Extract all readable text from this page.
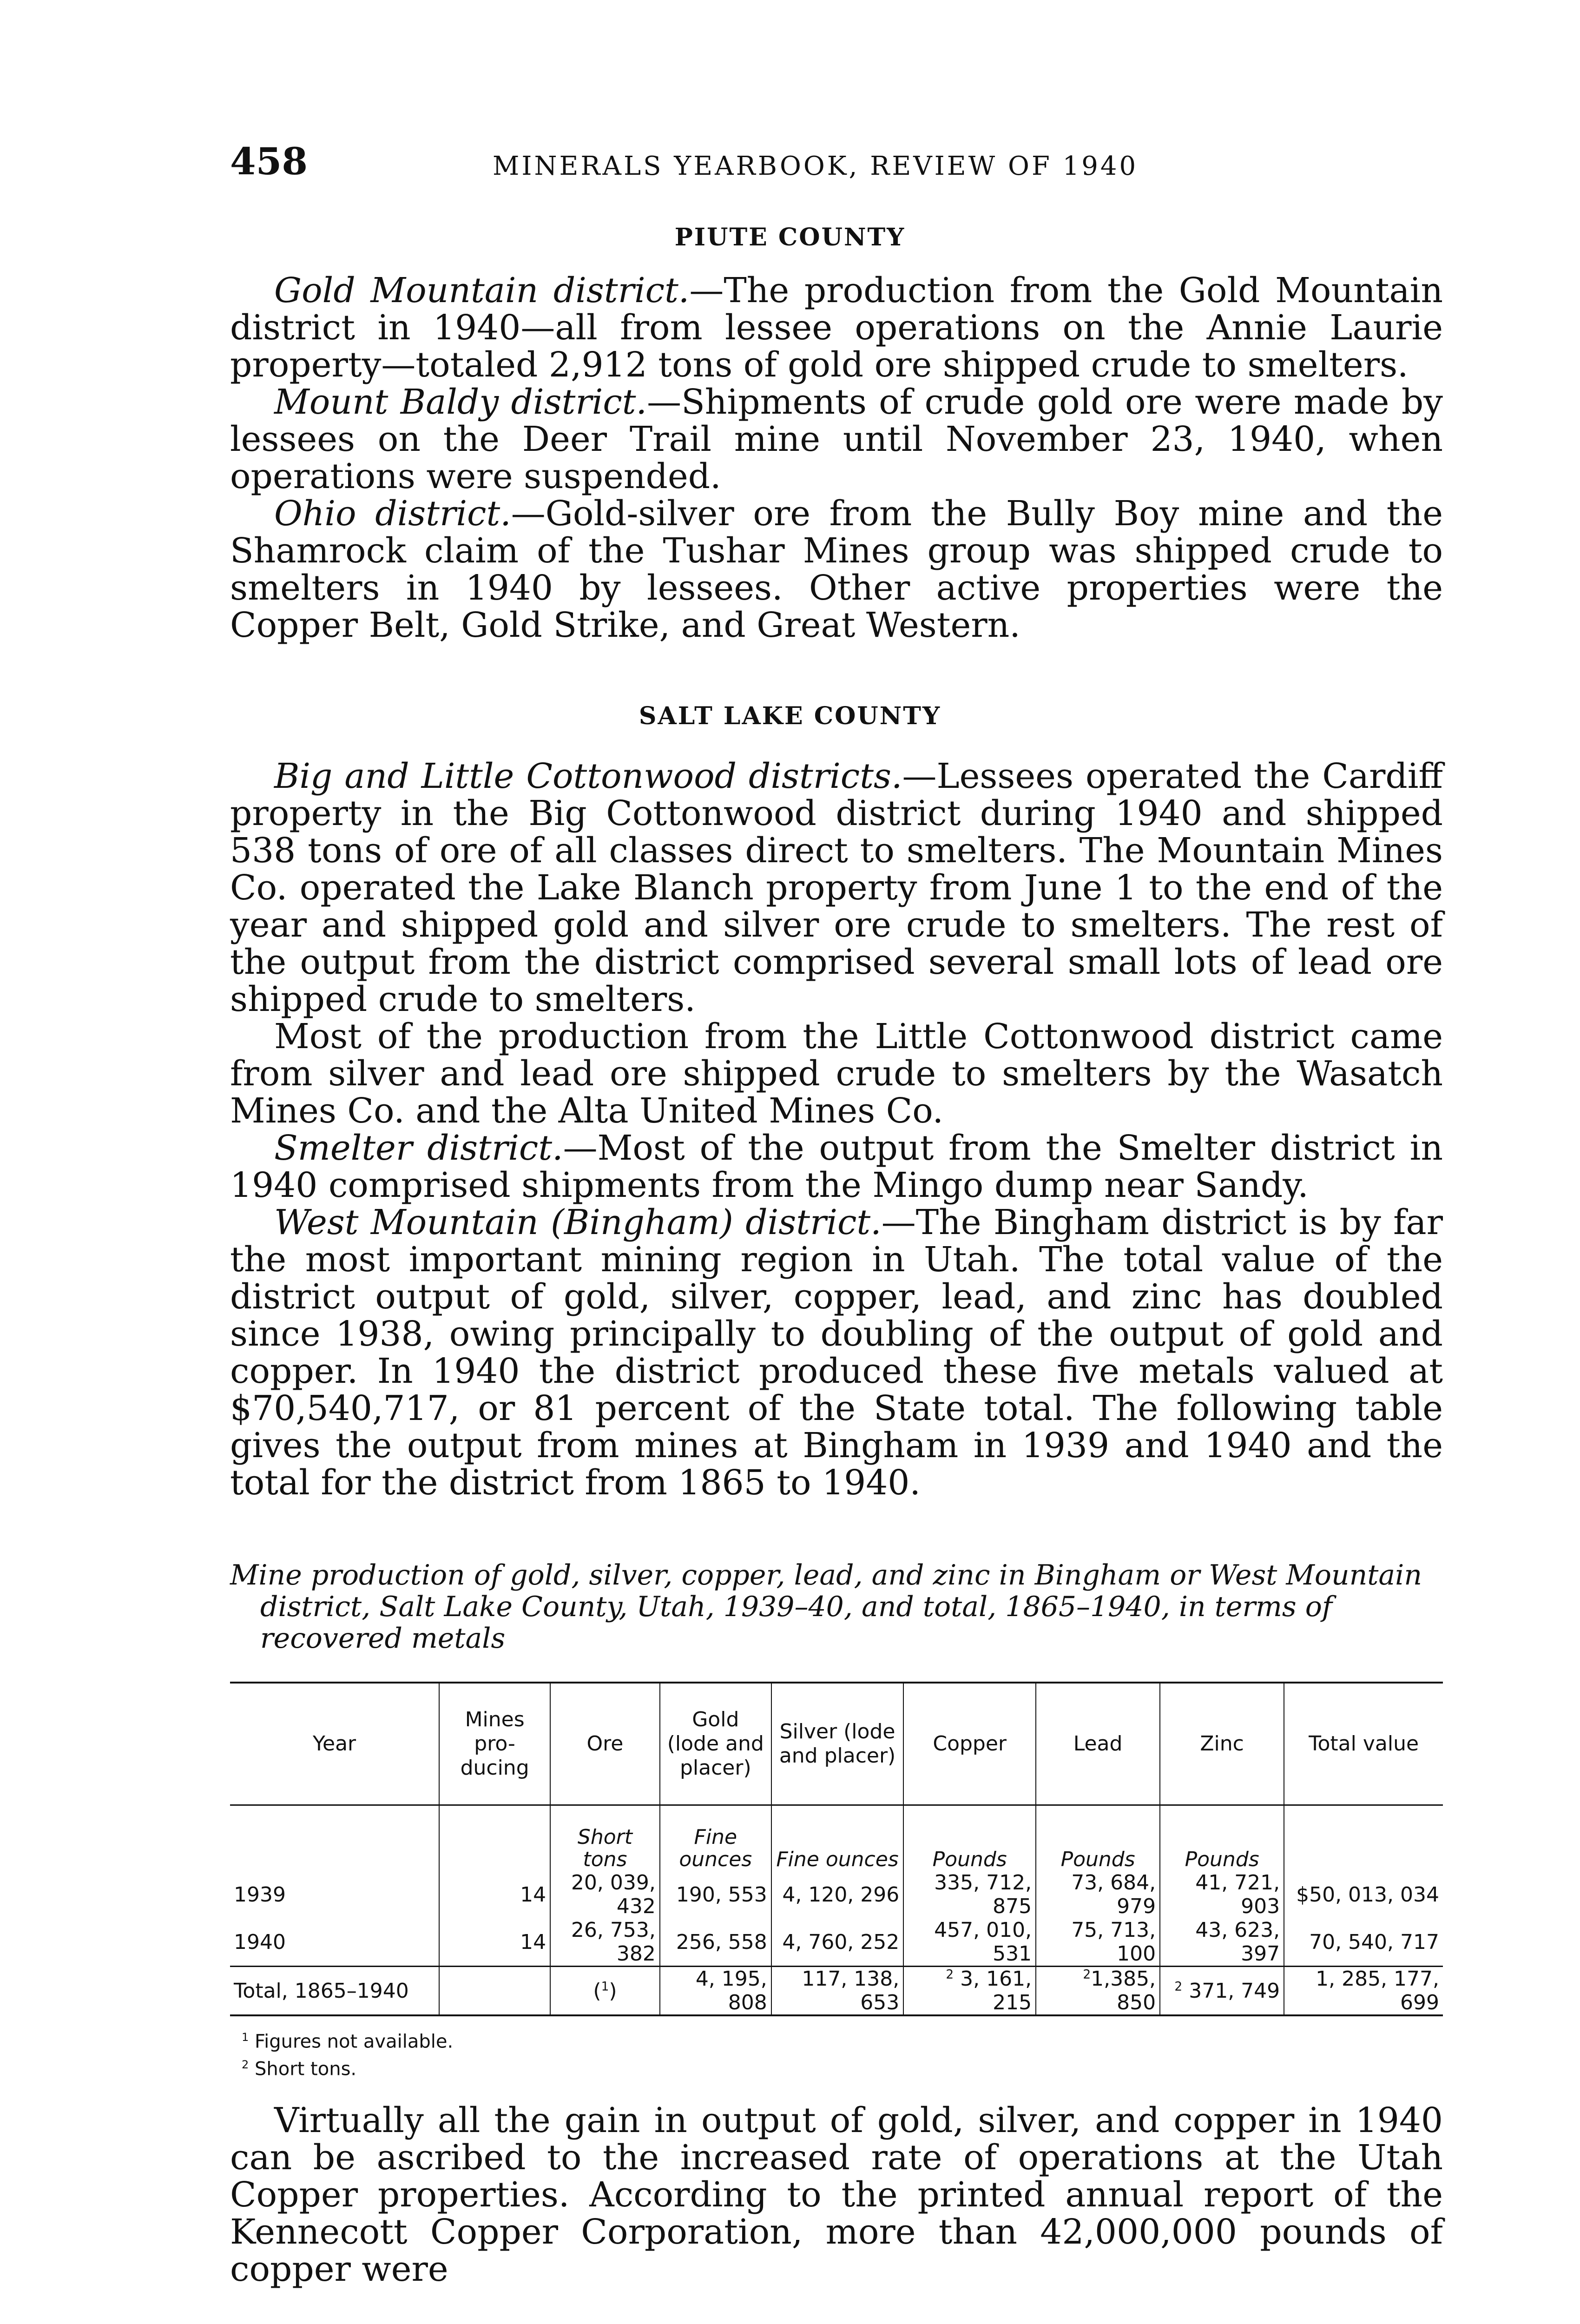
458	MINERALS YEARBOOK, REVIEW OF 1940
PIUTE COUNTY

Gold Mountain district.—The production from the Gold Mountain district in 1940—all from lessee operations on the Annie Laurie property—totaled 2,912 tons of gold ore shipped crude to smelters.

Mount Baldy district.—Shipments of crude gold ore were made by lessees on the Deer Trail mine until November 23, 1940, when operations were suspended.

Ohio district.—Gold-silver ore from the Bully Boy mine and the Shamrock claim of the Tushar Mines group was shipped crude to smelters in 1940 by lessees. Other active properties were the Copper Belt, Gold Strike, and Great Western.

SALT LAKE COUNTY

Big and Little Cottonwood districts.—Lessees operated the Cardiff property in the Big Cottonwood district during 1940 and shipped 538 tons of ore of all classes direct to smelters. The Mountain Mines Co. operated the Lake Blanch property from June 1 to the end of the year and shipped gold and silver ore crude to smelters. The rest of the output from the district comprised several small lots of lead ore shipped crude to smelters.

Most of the production from the Little Cottonwood district came from silver and lead ore shipped crude to smelters by the Wasatch Mines Co. and the Alta United Mines Co.

Smelter district.—Most of the output from the Smelter district in 1940 comprised shipments from the Mingo dump near Sandy.

West Mountain (Bingham) district.—The Bingham district is by far the most important mining region in Utah. The total value of the district output of gold, silver, copper, lead, and zinc has doubled since 1938, owing principally to doubling of the output of gold and copper. In 1940 the district produced these five metals valued at $70,540,717, or 81 percent of the State total. The following table gives the output from mines at Bingham in 1939 and 1940 and the total for the district from 1865 to 1940.

Mine production of gold, silver, copper, lead, and zinc in Bingham or West Mountain district, Salt Lake County, Utah, 1939–40, and total, 1865–1940, in terms of recovered metals
Year	Mines pro-ducing	Ore	Gold (lode and placer)	Silver (lode and placer)	Copper	Lead	Zinc	Total value
		Short tons	Fine ounces	Fine ounces	Pounds	Pounds	Pounds	
1939	14	20, 039, 432	190, 553	4, 120, 296	335, 712, 875	73, 684, 979	41, 721, 903	$50, 013, 034
1940	14	26, 753, 382	256, 558	4, 760, 252	457, 010, 531	75, 713, 100	43, 623, 397	70, 540, 717
Total, 1865–1940		($^1$)	4, 195, 808	117, 138, 653	$^2$ 3, 161, 215	$^2$1,385, 850	$^2$ 371, 749	1, 285, 177, 699
$^1$ Figures not available.
$^2$ Short tons.

Virtually all the gain in output of gold, silver, and copper in 1940 can be ascribed to the increased rate of operations at the Utah Copper properties. According to the printed annual report of the Kennecott Copper Corporation, more than 42,000,000 pounds of copper were
